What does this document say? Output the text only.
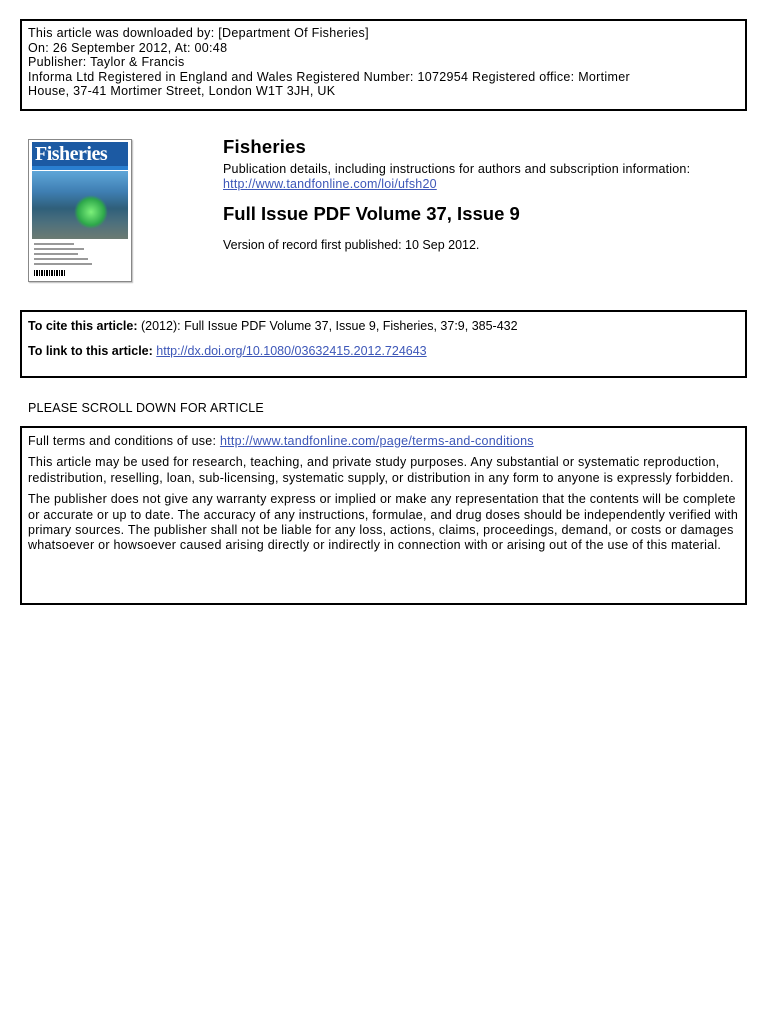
This article was downloaded by: [Department Of Fisheries]
On: 26 September 2012, At: 00:48
Publisher: Taylor & Francis
Informa Ltd Registered in England and Wales Registered Number: 1072954 Registered office: Mortimer
House, 37-41 Mortimer Street, London W1T 3JH, UK
Fisheries	Fisheries
Publication details, including instructions for authors and subscription information:
http://www.tandfonline.com/loi/ufsh20
Full Issue PDF Volume 37, Issue 9
Version of record first published: 10 Sep 2012.
To cite this article: (2012): Full Issue PDF Volume 37, Issue 9, Fisheries, 37:9, 385-432
To link to this article: http://dx.doi.org/10.1080/03632415.2012.724643
PLEASE SCROLL DOWN FOR ARTICLE

Full terms and conditions of use: http://www.tandfonline.com/page/terms-and-conditions

This article may be used for research, teaching, and private study purposes. Any substantial or systematic reproduction, redistribution, reselling, loan, sub-licensing, systematic supply, or distribution in any form to anyone is expressly forbidden.

The publisher does not give any warranty express or implied or make any representation that the contents will be complete or accurate or up to date. The accuracy of any instructions, formulae, and drug doses should be independently verified with primary sources. The publisher shall not be liable for any loss, actions, claims, proceedings, demand, or costs or damages whatsoever or howsoever caused arising directly or indirectly in connection with or arising out of the use of this material.
